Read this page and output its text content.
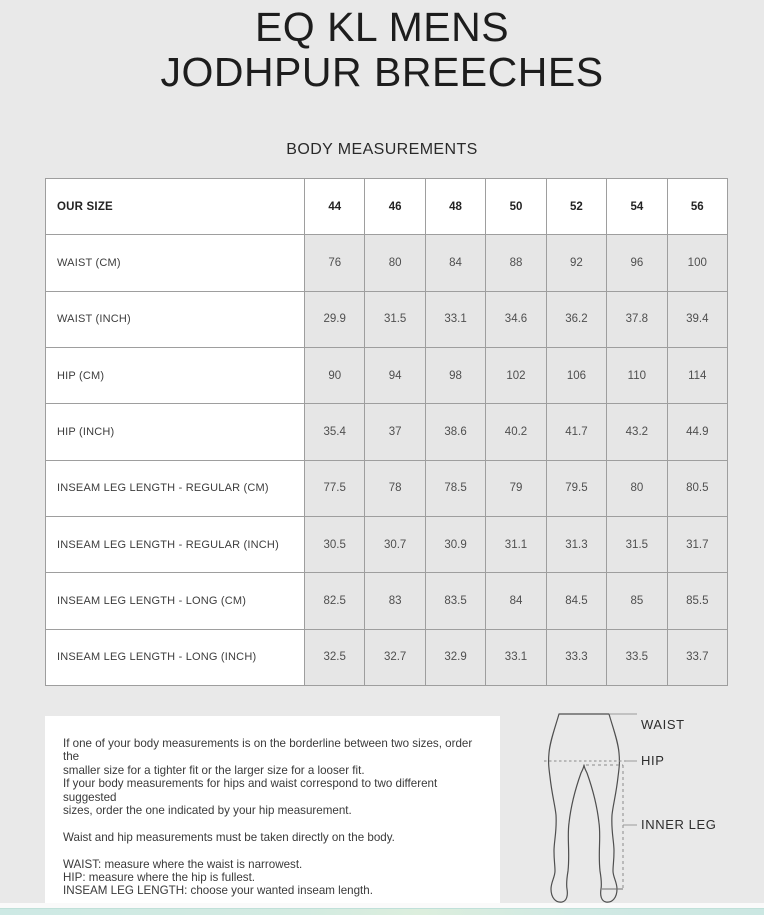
EQ KL MENS
JODHPUR BREECHES
BODY MEASUREMENTS
OUR SIZE	44	46	48	50	52	54	56
WAIST (CM)	76	80	84	88	92	96	100
WAIST (INCH)	29.9	31.5	33.1	34.6	36.2	37.8	39.4
HIP (CM)	90	94	98	102	106	110	114
HIP (INCH)	35.4	37	38.6	40.2	41.7	43.2	44.9
INSEAM LEG LENGTH - REGULAR (CM)	77.5	78	78.5	79	79.5	80	80.5
INSEAM LEG LENGTH - REGULAR (INCH)	30.5	30.7	30.9	31.1	31.3	31.5	31.7
INSEAM LEG LENGTH - LONG (CM)	82.5	83	83.5	84	84.5	85	85.5
INSEAM LEG LENGTH - LONG (INCH)	32.5	32.7	32.9	33.1	33.3	33.5	33.7
If one of your body measurements is on the borderline between two sizes, order the
smaller size for a tighter fit or the larger size for a looser fit.
If your body measurements for hips and waist correspond to two different suggested
sizes, order the one indicated by your hip measurement.

Waist and hip measurements must be taken directly on the body.

WAIST: measure where the waist is narrowest.
HIP: measure where the hip is fullest.
INSEAM LEG LENGTH: choose your wanted inseam length.
WAIST
HIP
INNER LEG
